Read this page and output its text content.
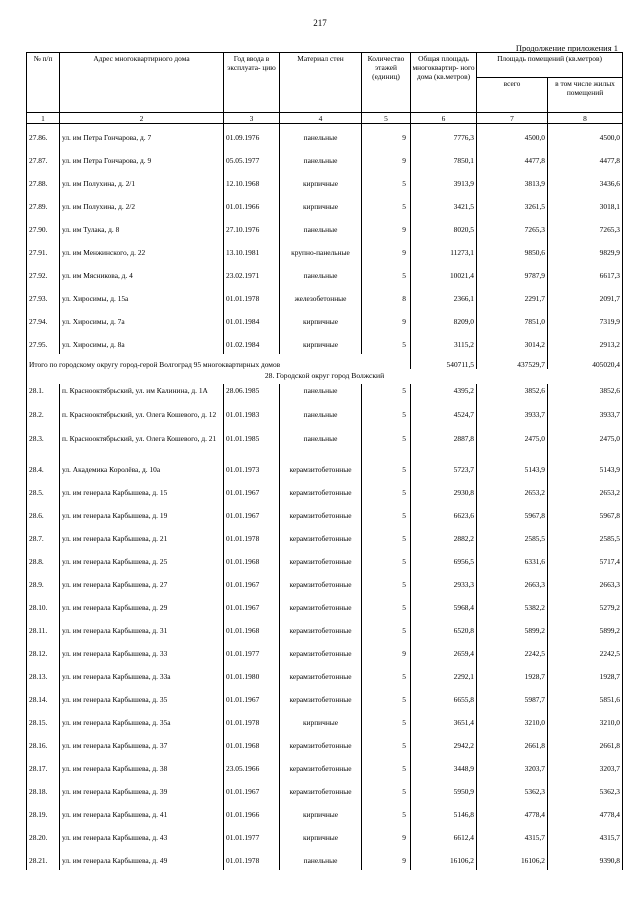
217
Продолжение приложения 1
№ п/п	Адрес многоквартирного дома	Год ввода в эксплуата- цию	Материал стен	Количество этажей (единиц)	Общая площадь многоквартир- ного дома (кв.метров)	Площадь помещений (кв.метров)	
						всего	в том числе жилых помещений
1	2	3	4	5	6	7	8

27.86.	ул. им Петра Гончарова, д. 7	01.09.1976	панельные	9	7776,3	4500,0	4500,0
27.87.	ул. им Петра Гончарова, д. 9	05.05.1977	панельные	9	7850,1	4477,8	4477,8
27.88.	ул. им Полухина, д. 2/1	12.10.1968	кирпичные	5	3913,9	3813,9	3436,6
27.89.	ул. им Полухина, д. 2/2	01.01.1966	кирпичные	5	3421,5	3261,5	3018,1
27.90.	ул. им Тулака, д. 8	27.10.1976	панельные	9	8020,5	7265,3	7265,3
27.91.	ул. им Менжинского, д. 22	13.10.1981	крупно-панельные	9	11273,1	9850,6	9829,9
27.92.	ул. им Мясникова, д. 4	23.02.1971	панельные	5	10021,4	9787,9	6617,3
27.93.	ул. Хиросимы, д. 15а	01.01.1978	железобетонные	8	2366,1	2291,7	2091,7
27.94.	ул. Хиросимы, д. 7а	01.01.1984	кирпичные	9	8209,0	7851,0	7319,9
27.95.	ул. Хиросимы, д. 8а	01.02.1984	кирпичные	5	3115,2	3014,2	2913,2
Итого по городскому округу город-герой Волгоград 95 многоквартирных домов					540711,5	437529,7	405020,4
28. Городской округ город Волжский							
28.1.	п. Краснооктябрьский, ул. им Калинина, д. 1А	28.06.1985	панельные	5	4395,2	3852,6	3852,6
28.2.	п. Краснооктябрьский, ул. Олега Кошевого, д. 12	01.01.1983	панельные	5	4524,7	3933,7	3933,7
28.3.	п. Краснооктябрьский, ул. Олега Кошевого, д. 21	01.01.1985	панельные	5	2887,8	2475,0	2475,0
28.4.	ул. Академика Королёва, д. 10а	01.01.1973	керамзитобетонные	5	5723,7	5143,9	5143,9
28.5.	ул. им генерала Карбышева, д. 15	01.01.1967	керамзитобетонные	5	2930,8	2653,2	2653,2
28.6.	ул. им генерала Карбышева, д. 19	01.01.1967	керамзитобетонные	5	6623,6	5967,8	5967,8
28.7.	ул. им генерала Карбышева, д. 21	01.01.1978	керамзитобетонные	5	2882,2	2585,5	2585,5
28.8.	ул. им генерала Карбышева, д. 25	01.01.1968	керамзитобетонные	5	6956,5	6331,6	5717,4
28.9.	ул. им генерала Карбышева, д. 27	01.01.1967	керамзитобетонные	5	2933,3	2663,3	2663,3
28.10.	ул. им генерала Карбышева, д. 29	01.01.1967	керамзитобетонные	5	5968,4	5382,2	5279,2
28.11.	ул. им генерала Карбышева, д. 31	01.01.1968	керамзитобетонные	5	6520,8	5899,2	5899,2
28.12.	ул. им генерала Карбышева, д. 33	01.01.1977	керамзитобетонные	9	2659,4	2242,5	2242,5
28.13.	ул. им генерала Карбышева, д. 33а	01.01.1980	керамзитобетонные	5	2292,1	1928,7	1928,7
28.14.	ул. им генерала Карбышева, д. 35	01.01.1967	керамзитобетонные	5	6655,8	5987,7	5851,6
28.15.	ул. им генерала Карбышева, д. 35а	01.01.1978	кирпичные	5	3651,4	3210,0	3210,0
28.16.	ул. им генерала Карбышева, д. 37	01.01.1968	керамзитобетонные	5	2942,2	2661,8	2661,8
28.17.	ул. им генерала Карбышева, д. 38	23.05.1966	керамзитобетонные	5	3448,9	3203,7	3203,7
28.18.	ул. им генерала Карбышева, д. 39	01.01.1967	керамзитобетонные	5	5950,9	5362,3	5362,3
28.19.	ул. им генерала Карбышева, д. 41	01.01.1966	кирпичные	5	5146,8	4778,4	4778,4
28.20.	ул. им генерала Карбышева, д. 43	01.01.1977	кирпичные	9	6612,4	4315,7	4315,7
28.21.	ул. им генерала Карбышева, д. 49	01.01.1978	панельные	9	16106,2	16106,2	9390,8
